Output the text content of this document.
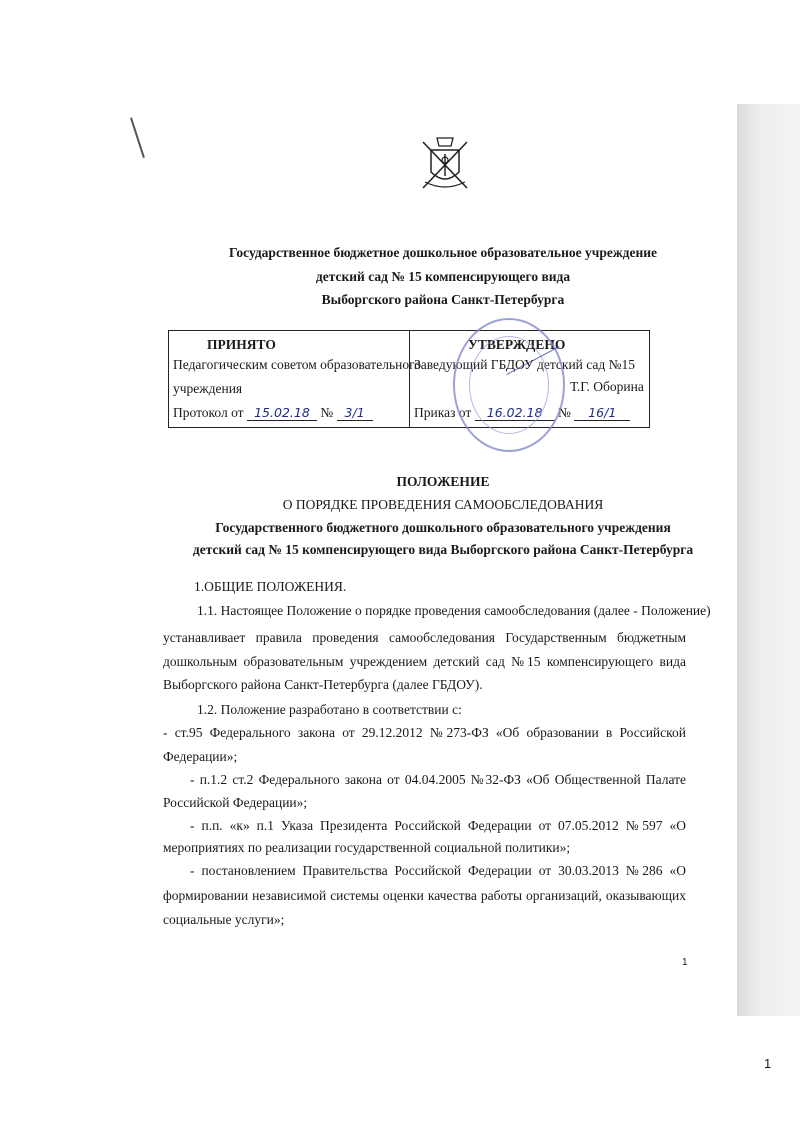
Государственное бюджетное дошкольное образовательное учреждение
детский сад № 15 компенсирующего вида
Выборгского района Санкт-Петербурга
ПРИНЯТО
Педагогическим советом образовательного
учреждения
Протокол от 15.02.18 № 3/1
УТВЕРЖДЕНО
Заведующий ГБДОУ детский сад №15
Т.Г. Оборина
Приказ от 16.02.18 № 16/1
ПОЛОЖЕНИЕ
О ПОРЯДКЕ ПРОВЕДЕНИЯ САМООБСЛЕДОВАНИЯ
Государственного бюджетного дошкольного образовательного учреждения
детский сад № 15 компенсирующего вида Выборгского района Санкт-Петербурга
1.ОБЩИЕ ПОЛОЖЕНИЯ.
1.1. Настоящее Положение о порядке проведения самообследования (далее - Положение)
устанавливает правила проведения самообследования Государственным бюджетным
дошкольным образовательным учреждением детский сад №15 компенсирующего вида
Выборгского района Санкт-Петербурга (далее ГБДОУ).
1.2. Положение разработано в соответствии с:
- ст.95 Федерального закона от 29.12.2012 №273-ФЗ «Об образовании в Российской
Федерации»;
- п.1.2 ст.2 Федерального закона от 04.04.2005 №32-ФЗ «Об Общественной Палате
Российской Федерации»;
- п.п. «к» п.1 Указа Президента Российской Федерации от 07.05.2012 №597 «О
мероприятиях по реализации государственной социальной политики»;
- постановлением Правительства Российской Федерации от 30.03.2013 №286 «О
формировании независимой системы оценки качества работы организаций, оказывающих
социальные услуги»;
1
1
